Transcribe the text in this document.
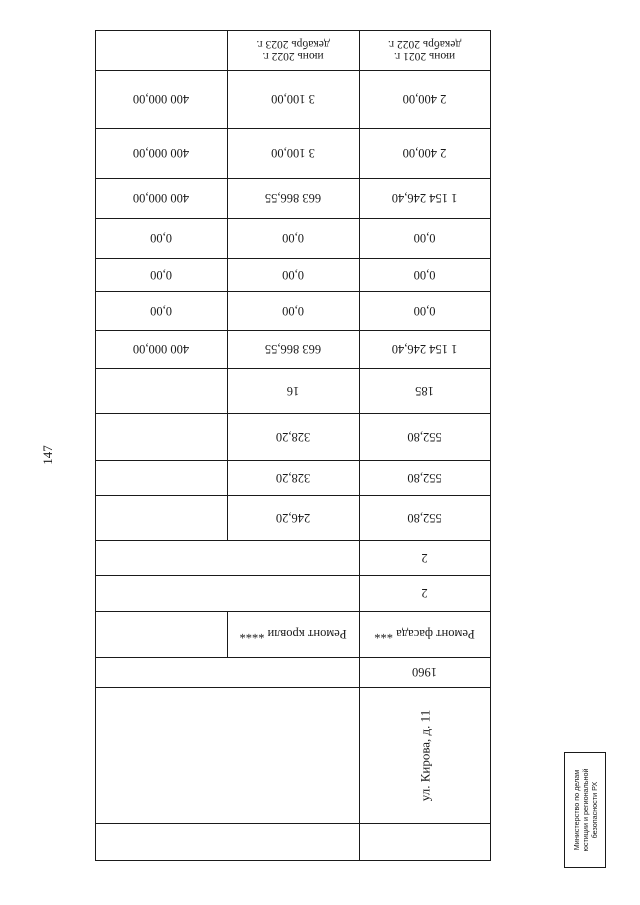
147
июнь 2021 г.
декабрь 2022 г.
июнь 2022 г.
декабрь 2023 г.
2 400,00
3 100,00
400 000,00
2 400,00
3 100,00
400 000,00
1 154 246,40
663 866,55
400 000,00
0,00
0,00
0,00
0,00
0,00
0,00
0,00
0,00
0,00
1 154 246,40
663 866,55
400 000,00
185
16
552,80
328,20
552,80
328,20
552,80
246,20
2
2
Ремонт фасада ***
Ремонт кровли ****
1960
ул. Кирова, д. 11
Министерство по делам юстиции и региональной безопасности РХ
